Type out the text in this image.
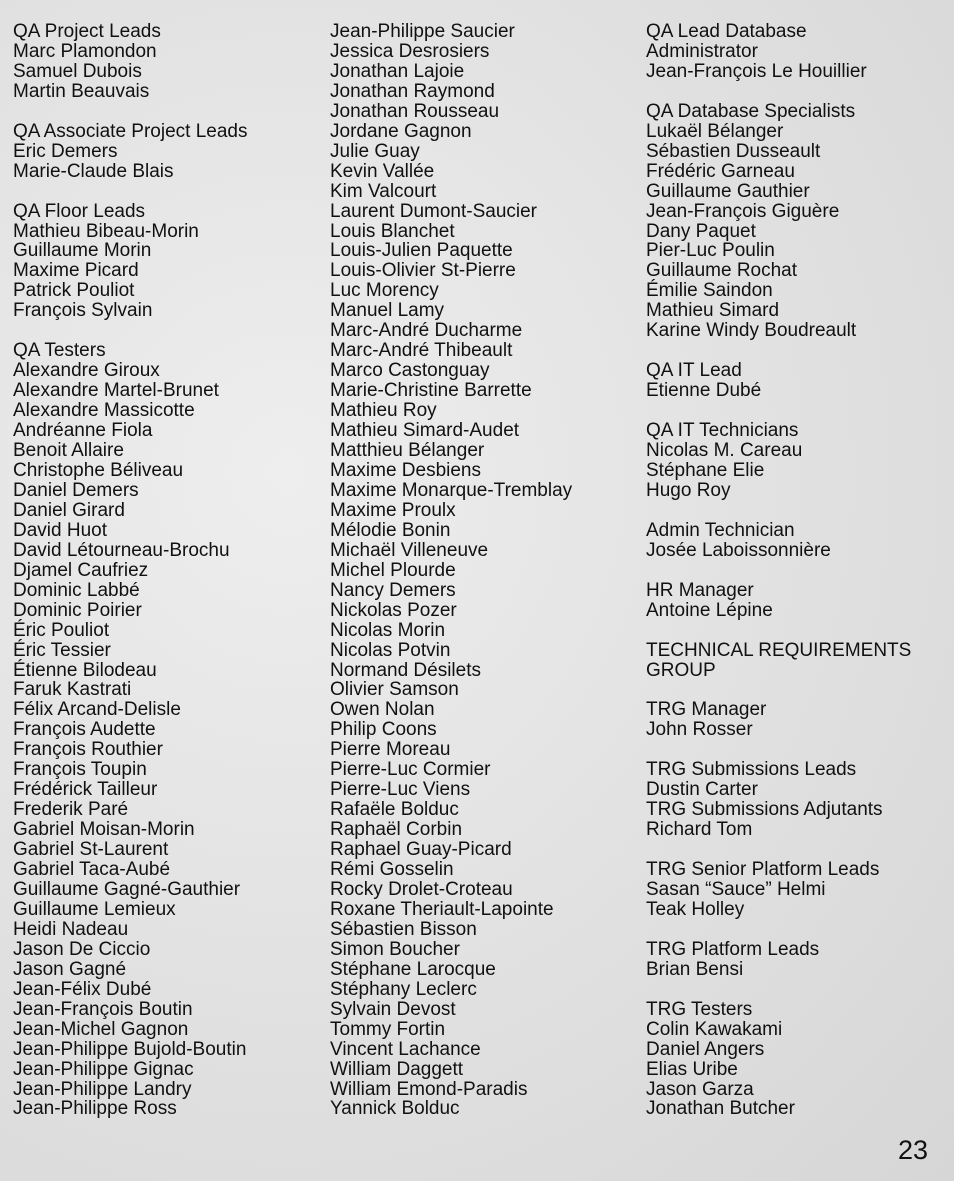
QA Project Leads
Marc Plamondon
Samuel Dubois
Martin Beauvais
QA Associate Project Leads
Eric Demers
Marie-Claude Blais
QA Floor Leads
Mathieu Bibeau-Morin
Guillaume Morin
Maxime Picard
Patrick Pouliot
François Sylvain
QA Testers
Alexandre Giroux
Alexandre Martel-Brunet
Alexandre Massicotte
Andréanne Fiola
Benoit Allaire
Christophe Béliveau
Daniel Demers
Daniel Girard
David Huot
David Létourneau-Brochu
Djamel Caufriez
Dominic Labbé
Dominic Poirier
Éric Pouliot
Éric Tessier
Étienne Bilodeau
Faruk Kastrati
Félix Arcand-Delisle
François Audette
François Routhier
François Toupin
Frédérick Tailleur
Frederik Paré
Gabriel Moisan-Morin
Gabriel St-Laurent
Gabriel Taca-Aubé
Guillaume Gagné-Gauthier
Guillaume Lemieux
Heidi Nadeau
Jason De Ciccio
Jason Gagné
Jean-Félix Dubé
Jean-François Boutin
Jean-Michel Gagnon
Jean-Philippe Bujold-Boutin
Jean-Philippe Gignac
Jean-Philippe Landry
Jean-Philippe Ross
Jean-Philippe Saucier
Jessica Desrosiers
Jonathan Lajoie
Jonathan Raymond
Jonathan Rousseau
Jordane Gagnon
Julie Guay
Kevin Vallée
Kim Valcourt
Laurent Dumont-Saucier
Louis Blanchet
Louis-Julien Paquette
Louis-Olivier St-Pierre
Luc Morency
Manuel Lamy
Marc-André Ducharme
Marc-André Thibeault
Marco Castonguay
Marie-Christine Barrette
Mathieu Roy
Mathieu Simard-Audet
Matthieu Bélanger
Maxime Desbiens
Maxime Monarque-Tremblay
Maxime Proulx
Mélodie Bonin
Michaël Villeneuve
Michel Plourde
Nancy Demers
Nickolas Pozer
Nicolas Morin
Nicolas Potvin
Normand Désilets
Olivier Samson
Owen Nolan
Philip Coons
Pierre Moreau
Pierre-Luc Cormier
Pierre-Luc Viens
Rafaële Bolduc
Raphaël Corbin
Raphael Guay-Picard
Rémi Gosselin
Rocky Drolet-Croteau
Roxane Theriault-Lapointe
Sébastien Bisson
Simon Boucher
Stéphane Larocque
Stéphany Leclerc
Sylvain Devost
Tommy Fortin
Vincent Lachance
William Daggett
William Emond-Paradis
Yannick Bolduc
QA Lead Database
Administrator
Jean-François Le Houillier
QA Database Specialists
Lukaël Bélanger
Sébastien Dusseault
Frédéric Garneau
Guillaume Gauthier
Jean-François Giguère
Dany Paquet
Pier-Luc Poulin
Guillaume Rochat
Émilie Saindon
Mathieu Simard
Karine Windy Boudreault
QA IT Lead
Etienne Dubé
QA IT Technicians
Nicolas M. Careau
Stéphane Elie
Hugo Roy
Admin Technician
Josée Laboissonnière
HR Manager
Antoine Lépine
TECHNICAL REQUIREMENTS
GROUP
TRG Manager
John Rosser
TRG Submissions Leads
Dustin Carter
TRG Submissions Adjutants
Richard Tom
TRG Senior Platform Leads
Sasan “Sauce” Helmi
Teak Holley
TRG Platform Leads
Brian Bensi
TRG Testers
Colin Kawakami
Daniel Angers
Elias Uribe
Jason Garza
Jonathan Butcher
23
